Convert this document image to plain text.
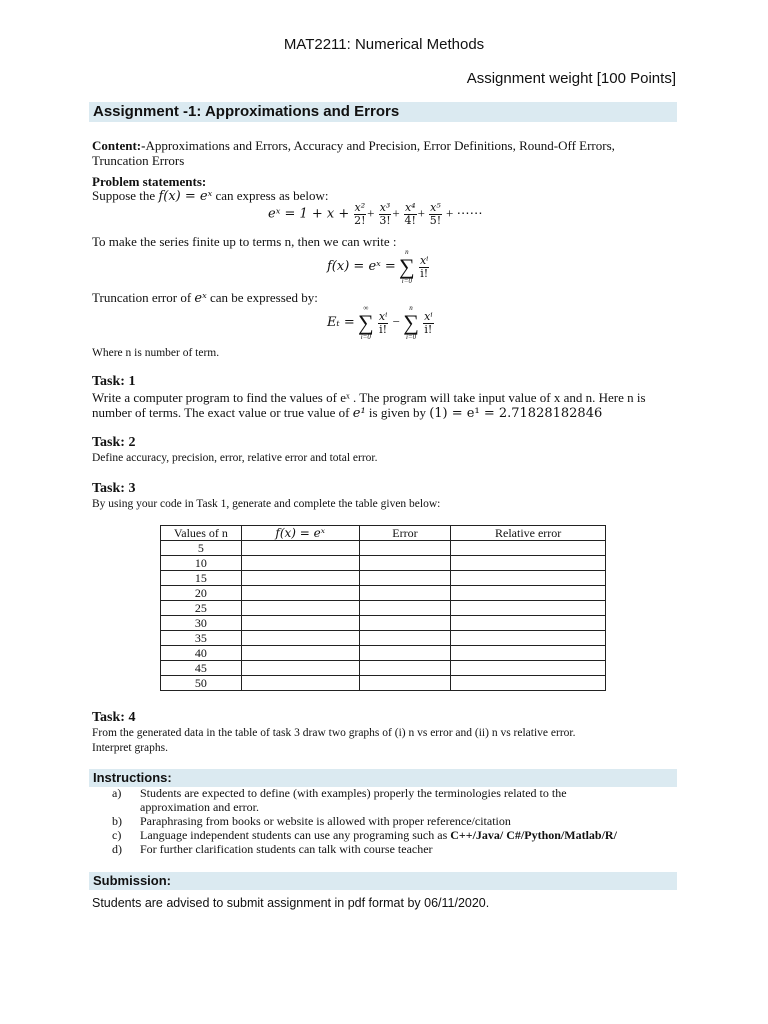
MAT2211: Numerical Methods
Assignment weight [100 Points]
Assignment -1: Approximations and Errors
Content:-Approximations and Errors, Accuracy and Precision, Error Definitions, Round-Off Errors,
Truncation Errors
Problem statements:
Suppose the f(x) = eˣ can express as below:
eˣ = $1 + x + \frac{\text{x²}}{2!} + \frac{\text{x³}}{3!} + \frac{\text{x⁴}}{4!} + \frac{\text{x⁵}}{5!}$ + ⋯⋯
To make the series finite up to terms n, then we can write :
f(x) = eˣ =
n
∑
i=0

$\frac{\text{xⁱ}}{i!}$
Truncation error of eˣ can be expressed by:
Eₜ =
∞
∑
i=0

$\frac{\text{xⁱ}}{i!}$ −
n
∑
i=0

$\frac{\text{xⁱ}}{i!}$
Where n is number of term.
Task: 1
Write a computer program to find the values of eˣ . The program will take input value of x and n. Here n is
number of terms. The exact value or true value of e¹ is given by (1) = e¹ = 2.71828182846
Task: 2
Define accuracy, precision, error, relative error and total error.
Task: 3
By using your code in Task 1, generate and complete the table given below:
Values of n	f(x) = eˣ	Error	Relative error
5			
10			
15			
20			
25			
30			
35			
40			
45			
50			
Task: 4
From the generated data in the table of task 3 draw two graphs of (i) n vs error and (ii) n vs relative error.
Interpret graphs.
Instructions:
a) Students are expected to define (with examples) properly the terminologies related to the
approximation and error.
b) Paraphrasing from books or website is allowed with proper reference/citation
c) Language independent students can use any programing such as C++/Java/ C#/Python/Matlab/R/
d) For further clarification students can talk with course teacher
Submission:
Students are advised to submit assignment in pdf format by 06/11/2020.
